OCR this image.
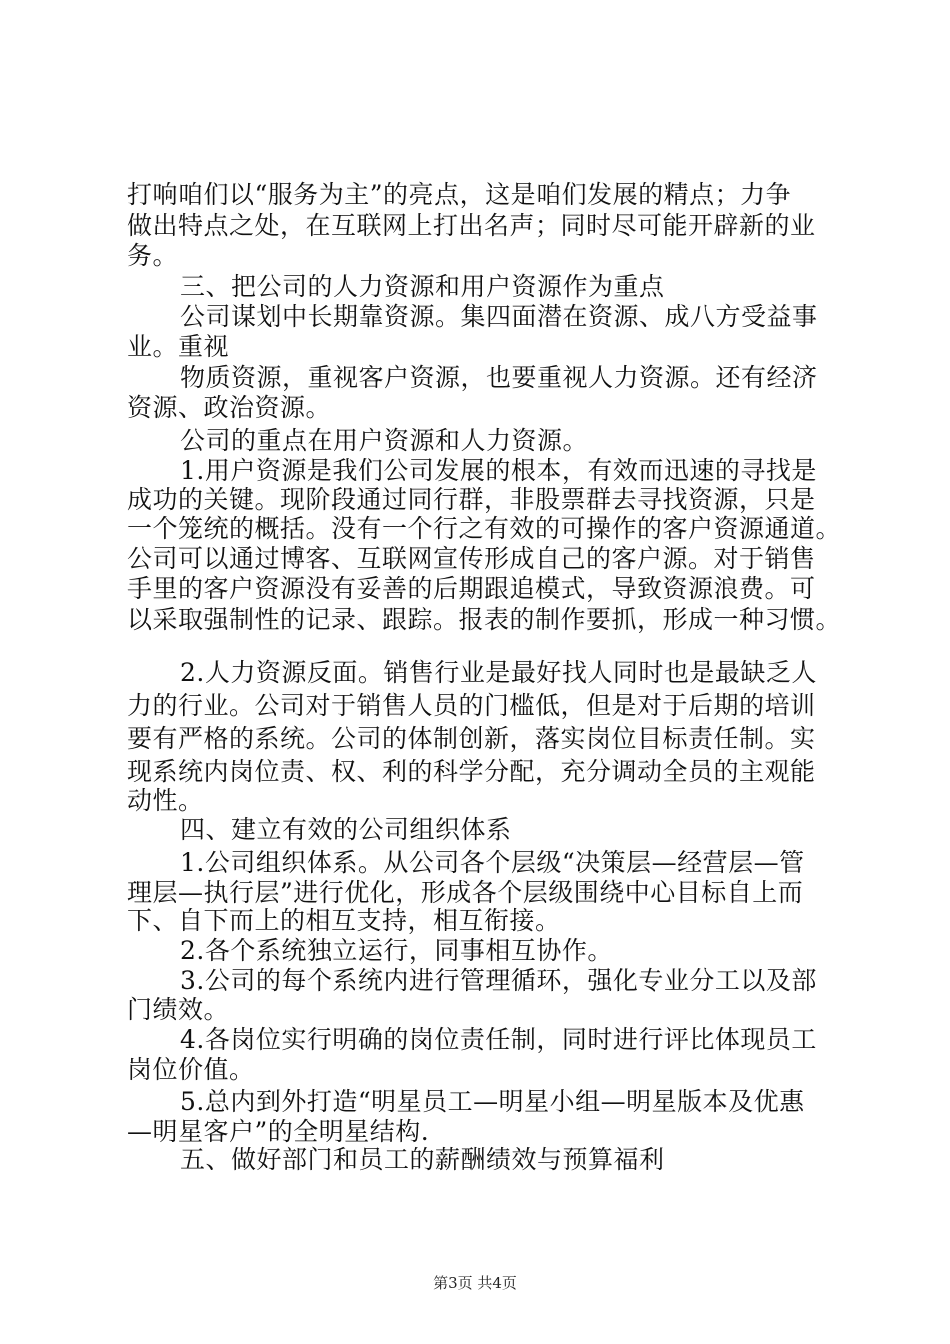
打响咱们以“服务为主”的亮点，这是咱们发展的精点；力争
做出特点之处，在互联网上打出名声；同时尽可能开辟新的业
务。
三、把公司的人力资源和用户资源作为重点
公司谋划中长期靠资源。集四面潜在资源、成八方受益事
业。重视
物质资源，重视客户资源，也要重视人力资源。还有经济
资源、政治资源。
公司的重点在用户资源和人力资源。
1.用户资源是我们公司发展的根本，有效而迅速的寻找是
成功的关键。现阶段通过同行群，非股票群去寻找资源，只是
一个笼统的概括。没有一个行之有效的可操作的客户资源通道。
公司可以通过博客、互联网宣传形成自己的客户源。对于销售
手里的客户资源没有妥善的后期跟追模式，导致资源浪费。可
以采取强制性的记录、跟踪。报表的制作要抓，形成一种习惯。
2.人力资源反面。销售行业是最好找人同时也是最缺乏人
力的行业。公司对于销售人员的门槛低，但是对于后期的培训
要有严格的系统。公司的体制创新，落实岗位目标责任制。实
现系统内岗位责、权、利的科学分配，充分调动全员的主观能
动性。
四、建立有效的公司组织体系
1.公司组织体系。从公司各个层级“决策层—经营层—管
理层—执行层”进行优化，形成各个层级围绕中心目标自上而
下、自下而上的相互支持，相互衔接。
2.各个系统独立运行，同事相互协作。
3.公司的每个系统内进行管理循环，强化专业分工以及部
门绩效。
4.各岗位实行明确的岗位责任制，同时进行评比体现员工
岗位价值。
5.总内到外打造“明星员工—明星小组—明星版本及优惠
—明星客户”的全明星结构.
五、做好部门和员工的薪酬绩效与预算福利
第3页 共4页
